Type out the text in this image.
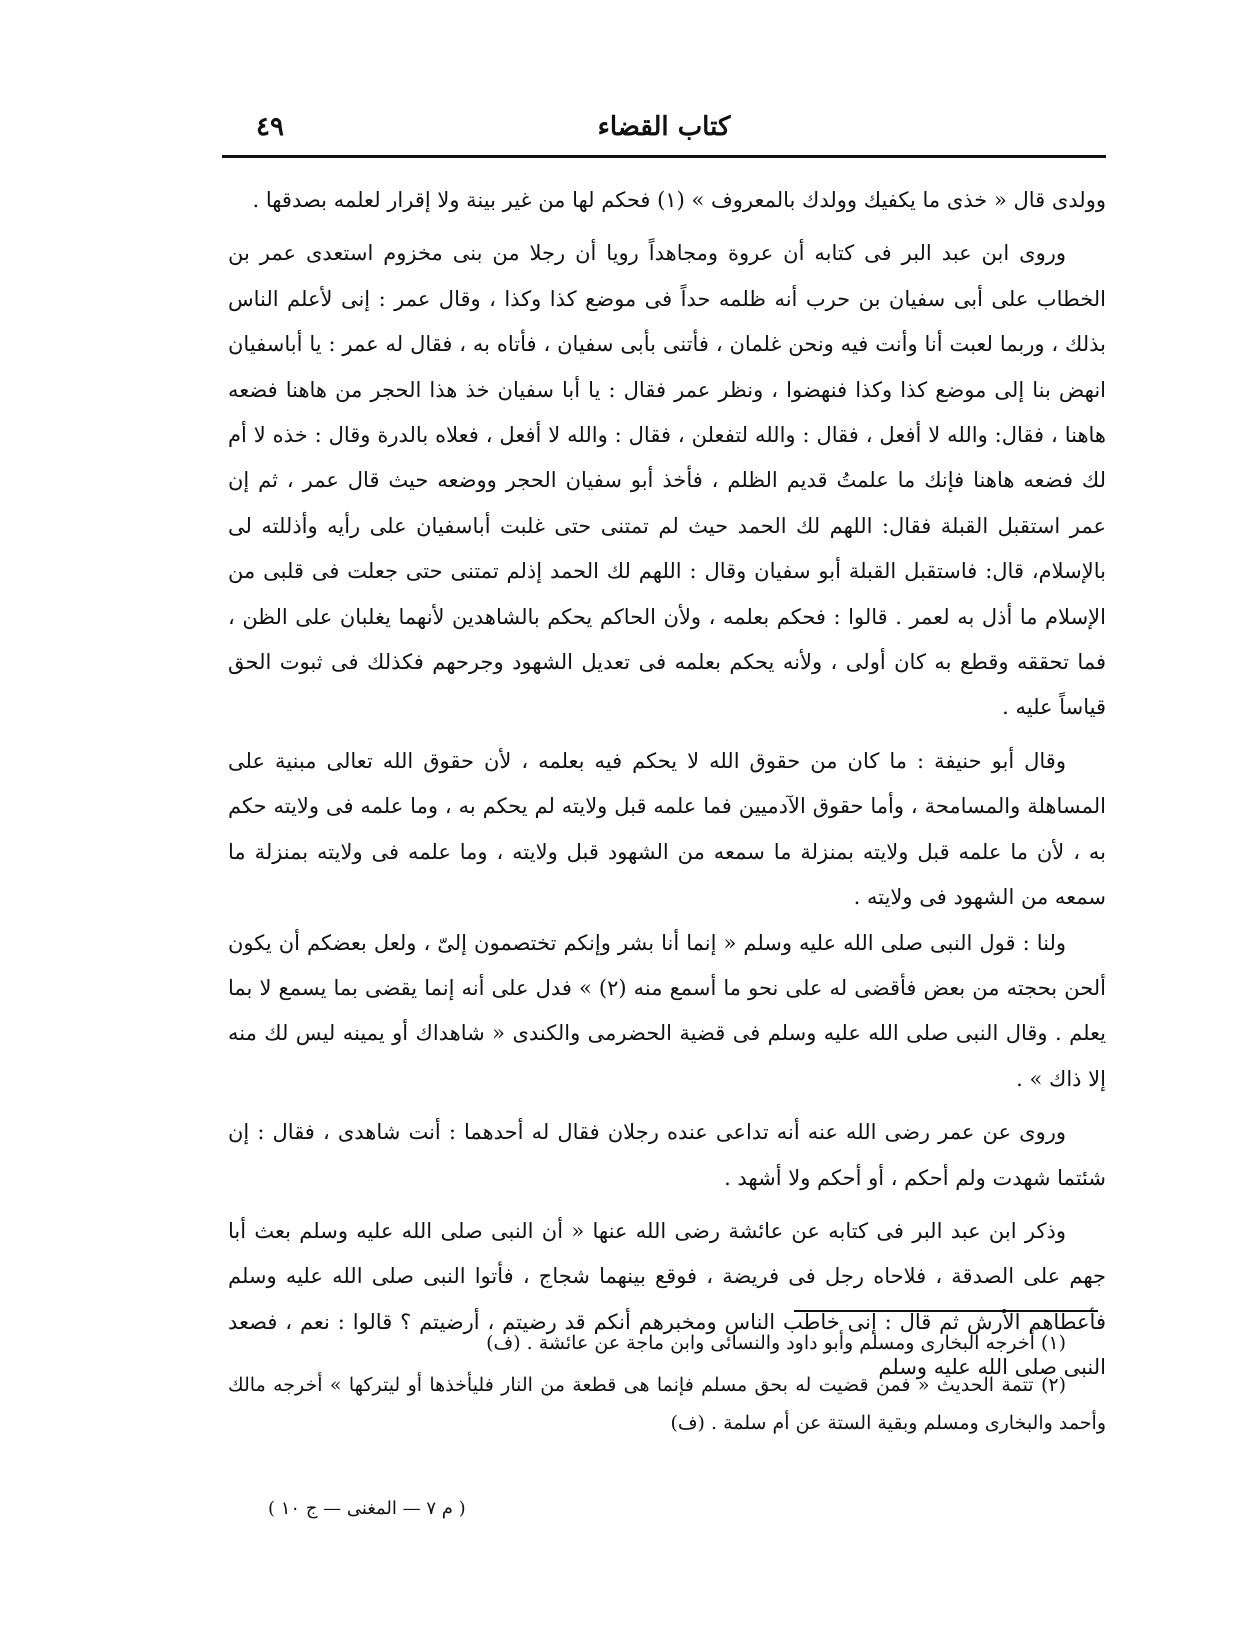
كتاب القضاء
٤٩

وولدى قال « خذى ما يكفيك وولدك بالمعروف » (١) فحكم لها من غير بينة ولا إقرار لعلمه بصدقها .

وروى ابن عبد البر فى كتابه أن عروة ومجاهداً رويا أن رجلا من بنى مخزوم استعدى عمر بن الخطاب على أبى سفيان بن حرب أنه ظلمه حداً فى موضع كذا وكذا ، وقال عمر : إنى لأعلم الناس بذلك ، وربما لعبت أنا وأنت فيه ونحن غلمان ، فأتنى بأبى سفيان ، فأتاه به ، فقال له عمر : يا أباسفيان انهض بنا إلى موضع كذا وكذا فنهضوا ، ونظر عمر فقال : يا أبا سفيان خذ هذا الحجر من هاهنا فضعه هاهنا ، فقال: والله لا أفعل ، فقال : والله لتفعلن ، فقال : والله لا أفعل ، فعلاه بالدرة وقال : خذه لا أم لك فضعه هاهنا فإنك ما علمتُ قديم الظلم ، فأخذ أبو سفيان الحجر ووضعه حيث قال عمر ، ثم إن عمر استقبل القبلة فقال: اللهم لك الحمد حيث لم تمتنى حتى غلبت أباسفيان على رأيه وأذللته لى بالإسلام، قال: فاستقبل القبلة أبو سفيان وقال : اللهم لك الحمد إذلم تمتنى حتى جعلت فى قلبى من الإسلام ما أذل به لعمر . قالوا : فحكم بعلمه ، ولأن الحاكم يحكم بالشاهدين لأنهما يغلبان على الظن ، فما تحققه وقطع به كان أولى ، ولأنه يحكم بعلمه فى تعديل الشهود وجرحهم فكذلك فى ثبوت الحق قياساً عليه .

وقال أبو حنيفة : ما كان من حقوق الله لا يحكم فيه بعلمه ، لأن حقوق الله تعالى مبنية على المساهلة والمسامحة ، وأما حقوق الآدميين فما علمه قبل ولايته لم يحكم به ، وما علمه فى ولايته حكم به ، لأن ما علمه قبل ولايته بمنزلة ما سمعه من الشهود قبل ولايته ، وما علمه فى ولايته بمنزلة ما سمعه من الشهود فى ولايته .

ولنا : قول النبى صلى الله عليه وسلم « إنما أنا بشر وإنكم تختصمون إلىّ ، ولعل بعضكم أن يكون ألحن بحجته من بعض فأقضى له على نحو ما أسمع منه (٢) » فدل على أنه إنما يقضى بما يسمع لا بما يعلم . وقال النبى صلى الله عليه وسلم فى قضية الحضرمى والكندى « شاهداك أو يمينه ليس لك منه إلا ذاك » .

وروى عن عمر رضى الله عنه أنه تداعى عنده رجلان فقال له أحدهما : أنت شاهدى ، فقال : إن شئتما شهدت ولم أحكم ، أو أحكم ولا أشهد .

وذكر ابن عبد البر فى كتابه عن عائشة رضى الله عنها « أن النبى صلى الله عليه وسلم بعث أبا جهم على الصدقة ، فلاحاه رجل فى فريضة ، فوقع بينهما شجاج ، فأتوا النبى صلى الله عليه وسلم فأعطاهم الأرش ثم قال : إنى خاطب الناس ومخبرهم أنكم قد رضيتم ، أرضيتم ؟ قالوا : نعم ، فصعد النبى صلى الله عليه وسلم

(١) أخرجه البخارى ومسلم وأبو داود والنسائى وابن ماجة عن عائشة . (ف)

(٢) تتمة الحديث « فمن قضيت له بحق مسلم فإنما هى قطعة من النار فليأخذها أو ليتركها » أخرجه مالك وأحمد والبخارى ومسلم وبقية الستة عن أم سلمة . (ف)

( م ٧ — المغنى — ج ١٠ )
